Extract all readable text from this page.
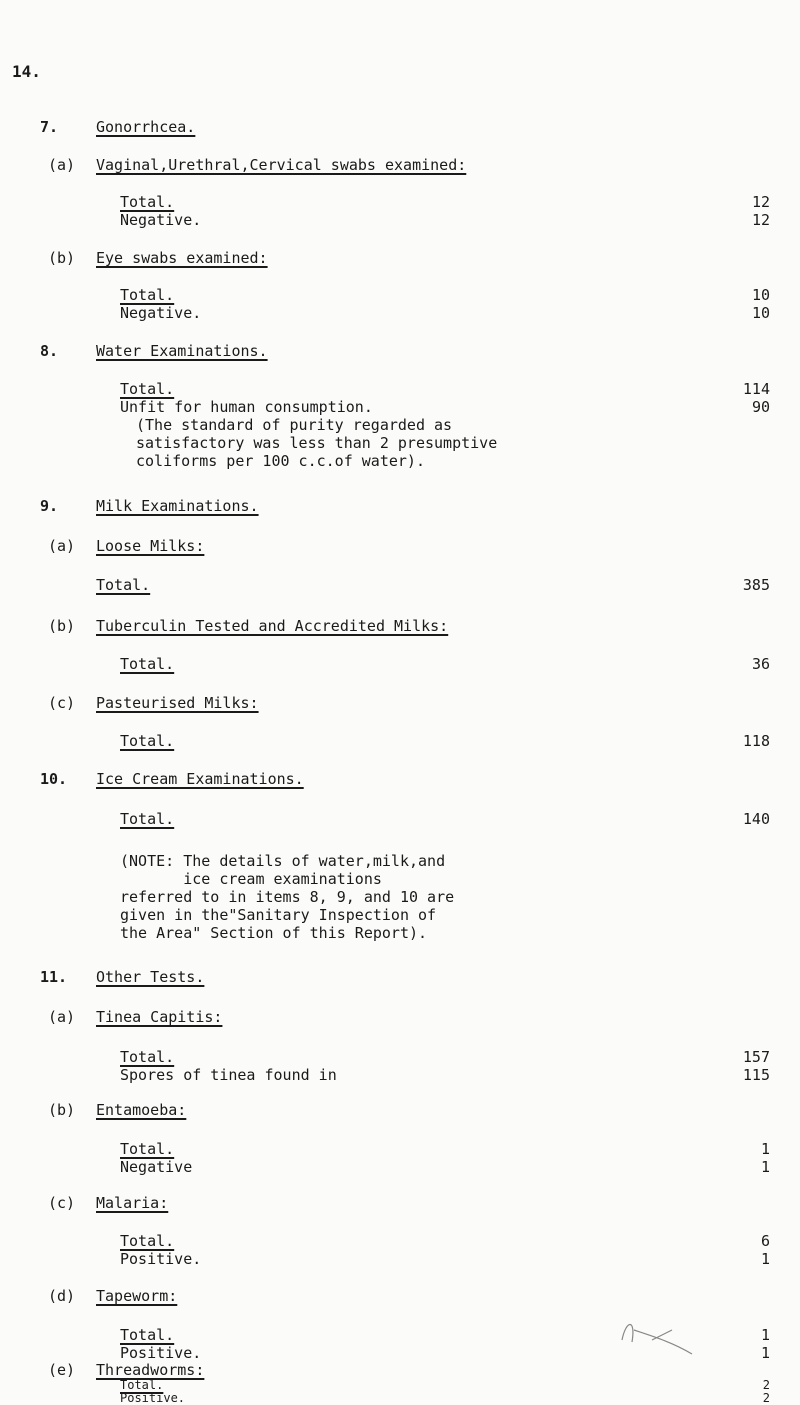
14.
7.	Gonorrhcea.
(a) Vaginal,Urethral,Cervical swabs examined:
Total.	12
Negative.	12
(b) Eye swabs examined:
Total.	10
Negative.	10
8.	Water Examinations.
Total.	114
Unfit for human consumption.	90
(The standard of purity regarded as
satisfactory was less than 2 presumptive
coliforms per 100 c.c.of water).
9.	Milk Examinations.
(a) Loose Milks:
Total.	385
(b) Tuberculin Tested and Accredited Milks:
Total.	36
(c) Pasteurised Milks:
Total.	118
10. Ice Cream Examinations.
Total.	140
(NOTE: The details of water,milk,and
ice cream examinations
referred to in items 8, 9, and 10 are
given in the"Sanitary Inspection of
the Area" Section of this Report).
11. Other Tests.
(a) Tinea Capitis:
Total.	157
Spores of tinea found in	115
(b) Entamoeba:
Total.	1
Negative	1
(c) Malaria:
Total.	6
Positive.	1
(d) Tapeworm:
Total.	1
Positive.	1
(e) Threadworms:
Total.	2
Positive.	2
